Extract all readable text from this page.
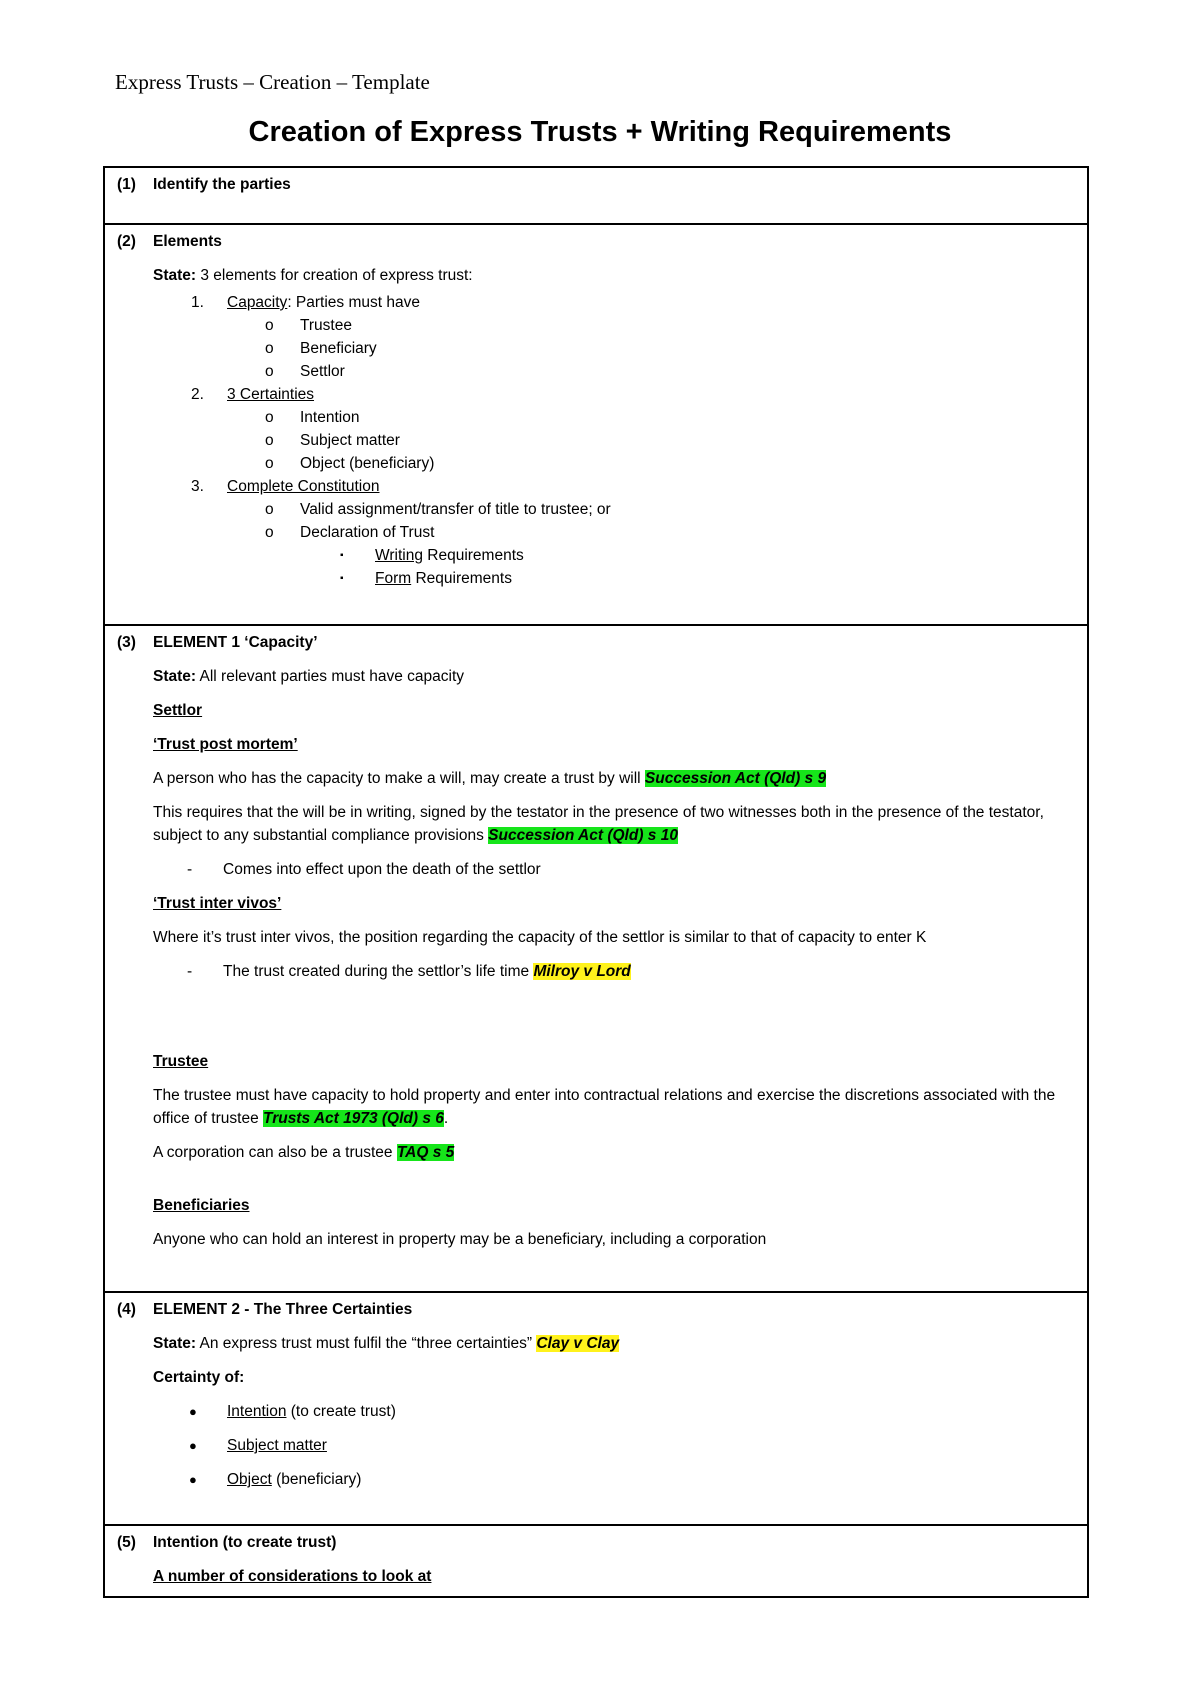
Express Trusts – Creation – Template
Creation of Express Trusts + Writing Requirements
(1) Identify the parties
(2) Elements
State: 3 elements for creation of express trust:
1. Capacity: Parties must have
o Trustee
o Beneficiary
o Settlor
2. 3 Certainties
o Intention
o Subject matter
o Object (beneficiary)
3. Complete Constitution
o Valid assignment/transfer of title to trustee; or
o Declaration of Trust
▪ Writing Requirements
▪ Form Requirements
(3) ELEMENT 1 ‘Capacity’
State: All relevant parties must have capacity
Settlor
‘Trust post mortem’
A person who has the capacity to make a will, may create a trust by will Succession Act (Qld) s 9
This requires that the will be in writing, signed by the testator in the presence of two witnesses both in the presence of the testator, subject to any substantial compliance provisions Succession Act (Qld) s 10
- Comes into effect upon the death of the settlor
‘Trust inter vivos’
Where it’s trust inter vivos, the position regarding the capacity of the settlor is similar to that of capacity to enter K
- The trust created during the settlor’s life time Milroy v Lord
Trustee
The trustee must have capacity to hold property and enter into contractual relations and exercise the discretions associated with the office of trustee Trusts Act 1973 (Qld) s 6.
A corporation can also be a trustee TAQ s 5
Beneficiaries
Anyone who can hold an interest in property may be a beneficiary, including a corporation
(4) ELEMENT 2 - The Three Certainties
State: An express trust must fulfil the “three certainties” Clay v Clay
Certainty of:
● Intention (to create trust)
● Subject matter
● Object (beneficiary)
(5) Intention (to create trust)
A number of considerations to look at
